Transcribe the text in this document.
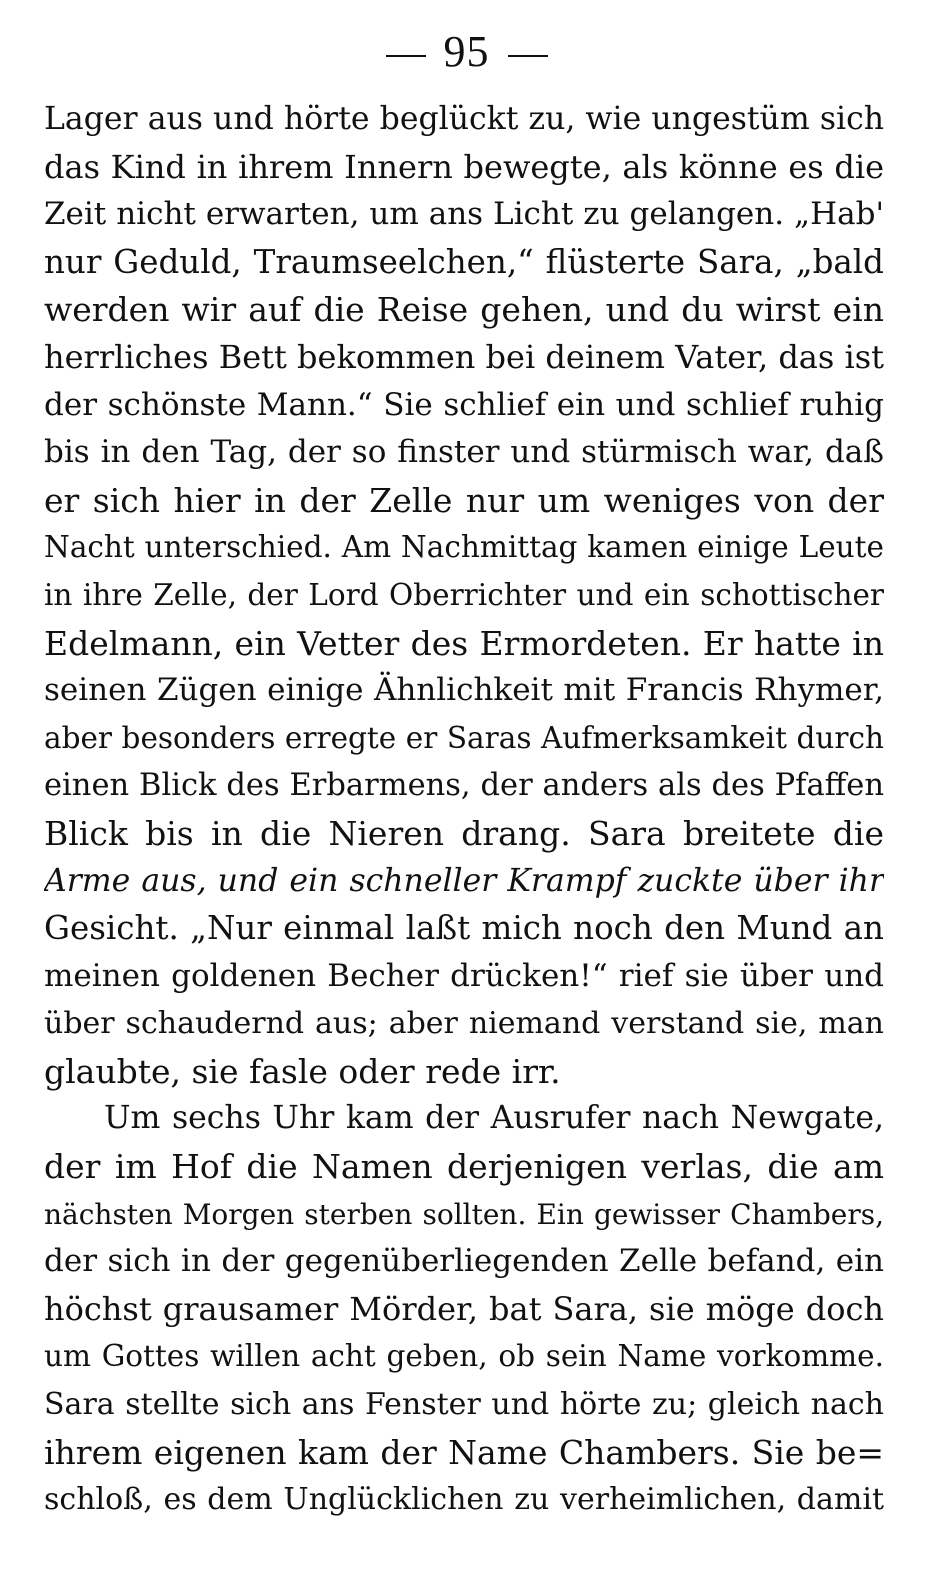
95
Lager aus und hörte beglückt zu, wie ungestüm sich
das Kind in ihrem Innern bewegte, als könne es die
Zeit nicht erwarten, um ans Licht zu gelangen. „Hab'
nur Geduld, Traumseelchen,“ flüsterte Sara, „bald
werden wir auf die Reise gehen, und du wirst ein
herrliches Bett bekommen bei deinem Vater, das ist
der schönste Mann.“ Sie schlief ein und schlief ruhig
bis in den Tag, der so finster und stürmisch war, daß
er sich hier in der Zelle nur um weniges von der
Nacht unterschied. Am Nachmittag kamen einige Leute
in ihre Zelle, der Lord Oberrichter und ein schottischer
Edelmann, ein Vetter des Ermordeten. Er hatte in
seinen Zügen einige Ähnlichkeit mit Francis Rhymer,
aber besonders erregte er Saras Aufmerksamkeit durch
einen Blick des Erbarmens, der anders als des Pfaffen
Blick bis in die Nieren drang. Sara breitete die
Arme aus, und ein schneller Krampf zuckte über ihr
Gesicht. „Nur einmal laßt mich noch den Mund an
meinen goldenen Becher drücken!“ rief sie über und
über schaudernd aus; aber niemand verstand sie, man
glaubte, sie fasle oder rede irr.
Um sechs Uhr kam der Ausrufer nach Newgate,
der im Hof die Namen derjenigen verlas, die am
nächsten Morgen sterben sollten. Ein gewisser Chambers,
der sich in der gegenüberliegenden Zelle befand, ein
höchst grausamer Mörder, bat Sara, sie möge doch
um Gottes willen acht geben, ob sein Name vorkomme.
Sara stellte sich ans Fenster und hörte zu; gleich nach
ihrem eigenen kam der Name Chambers. Sie be=
schloß, es dem Unglücklichen zu verheimlichen, damit
